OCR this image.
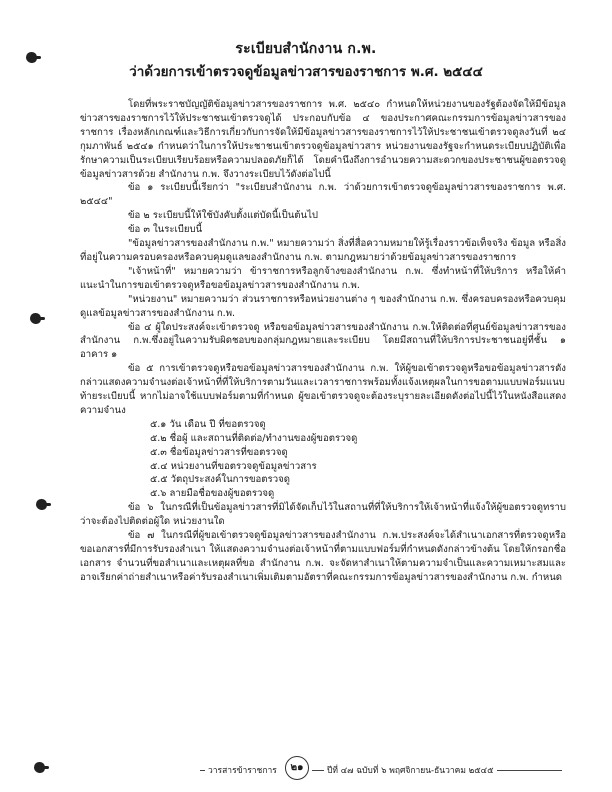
ระเบียบสำนักงาน ก.พ.
ว่าด้วยการเข้าตรวจดูข้อมูลข่าวสารของราชการ พ.ศ. ๒๕๔๔

โดยที่พระราชบัญญัติข้อมูลข่าวสารของราชการ พ.ศ. ๒๕๔๐ กำหนดให้หน่วยงานของรัฐต้องจัดให้มีข้อมูลข่าวสารของราชการไว้ให้ประชาชนเข้าตรวจดูได้ ประกอบกับข้อ ๔ ของประกาศคณะกรรมการข้อมูลข่าวสารของราชการ เรื่องหลักเกณฑ์และวิธีการเกี่ยวกับการจัดให้มีข้อมูลข่าวสารของราชการไว้ให้ประชาชนเข้าตรวจดูลงวันที่ ๒๔ กุมภาพันธ์ ๒๕๔๑ กำหนดว่าในการให้ประชาชนเข้าตรวจดูข้อมูลข่าวสาร หน่วยงานของรัฐจะกำหนดระเบียบปฏิบัติเพื่อรักษาความเป็นระเบียบเรียบร้อยหรือความปลอดภัยก็ได้ โดยคำนึงถึงการอำนวยความสะดวกของประชาชนผู้ขอตรวจดูข้อมูลข่าวสารด้วย สำนักงาน ก.พ. จึงวางระเบียบไว้ดังต่อไปนี้

ข้อ ๑ ระเบียบนี้เรียกว่า "ระเบียบสำนักงาน ก.พ. ว่าด้วยการเข้าตรวจดูข้อมูลข่าวสารของราชการ พ.ศ. ๒๕๔๔"

ข้อ ๒ ระเบียบนี้ให้ใช้บังคับตั้งแต่บัดนี้เป็นต้นไป

ข้อ ๓ ในระเบียบนี้

"ข้อมูลข่าวสารของสำนักงาน ก.พ." หมายความว่า สิ่งที่สื่อความหมายให้รู้เรื่องราวข้อเท็จจริง ข้อมูล หรือสิ่งที่อยู่ในความครอบครองหรือควบคุมดูแลของสำนักงาน ก.พ. ตามกฎหมายว่าด้วยข้อมูลข่าวสารของราชการ

"เจ้าหน้าที่" หมายความว่า ข้าราชการหรือลูกจ้างของสำนักงาน ก.พ. ซึ่งทำหน้าที่ให้บริการ หรือให้คำแนะนำในการขอเข้าตรวจดูหรือขอข้อมูลข่าวสารของสำนักงาน ก.พ.

"หน่วยงาน" หมายความว่า ส่วนราชการหรือหน่วยงานต่าง ๆ ของสำนักงาน ก.พ. ซึ่งครอบครองหรือควบคุมดูแลข้อมูลข่าวสารของสำนักงาน ก.พ.

ข้อ ๔ ผู้ใดประสงค์จะเข้าตรวจดู หรือขอข้อมูลข่าวสารของสำนักงาน ก.พ.ให้ติดต่อที่ศูนย์ข้อมูลข่าวสารของสำนักงาน ก.พ.ซึ่งอยู่ในความรับผิดชอบของกลุ่มกฎหมายและระเบียบ โดยมีสถานที่ให้บริการประชาชนอยู่ที่ชั้น ๑ อาคาร ๑

ข้อ ๕ การเข้าตรวจดูหรือขอข้อมูลข่าวสารของสำนักงาน ก.พ. ให้ผู้ขอเข้าตรวจดูหรือขอข้อมูลข่าวสารดังกล่าวแสดงความจำนงต่อเจ้าหน้าที่ที่ให้บริการตามวันและเวลาราชการพร้อมทั้งแจ้งเหตุผลในการขอตามแบบฟอร์มแนบท้ายระเบียบนี้ หากไม่อาจใช้แบบฟอร์มตามที่กำหนด ผู้ขอเข้าตรวจดูจะต้องระบุรายละเอียดดังต่อไปนี้ไว้ในหนังสือแสดงความจำนง

๕.๑ วัน เดือน ปี ที่ขอตรวจดู
๕.๒ ชื่อผู้ และสถานที่ติดต่อ/ทำงานของผู้ขอตรวจดู
๕.๓ ชื่อข้อมูลข่าวสารที่ขอตรวจดู
๕.๔ หน่วยงานที่ขอตรวจดูข้อมูลข่าวสาร
๕.๕ วัตถุประสงค์ในการขอตรวจดู
๕.๖ ลายมือชื่อของผู้ขอตรวจดู

ข้อ ๖ ในกรณีที่เป็นข้อมูลข่าวสารที่มิได้จัดเก็บไว้ในสถานที่ที่ให้บริการให้เจ้าหน้าที่แจ้งให้ผู้ขอตรวจดูทราบว่าจะต้องไปติดต่อผู้ใด หน่วยงานใด

ข้อ ๗ ในกรณีที่ผู้ขอเข้าตรวจดูข้อมูลข่าวสารของสำนักงาน ก.พ.ประสงค์จะได้สำเนาเอกสารที่ตรวจดูหรือขอเอกสารที่มีการรับรองสำเนา ให้แสดงความจำนงต่อเจ้าหน้าที่ตามแบบฟอร์มที่กำหนดดังกล่าวข้างต้น โดยให้กรอกชื่อเอกสาร จำนวนที่ขอสำเนาและเหตุผลที่ขอ สำนักงาน ก.พ. จะจัดหาสำเนาให้ตามความจำเป็นและความเหมาะสมและอาจเรียกค่าถ่ายสำเนาหรือค่ารับรองสำเนาเพิ่มเติมตามอัตราที่คณะกรรมการข้อมูลข่าวสารของสำนักงาน ก.พ. กำหนด

วารสารข้าราชการ	๒๑	ปีที่ ๔๗ ฉบับที่ ๖ พฤศจิกายน-ธันวาคม ๒๕๔๕
